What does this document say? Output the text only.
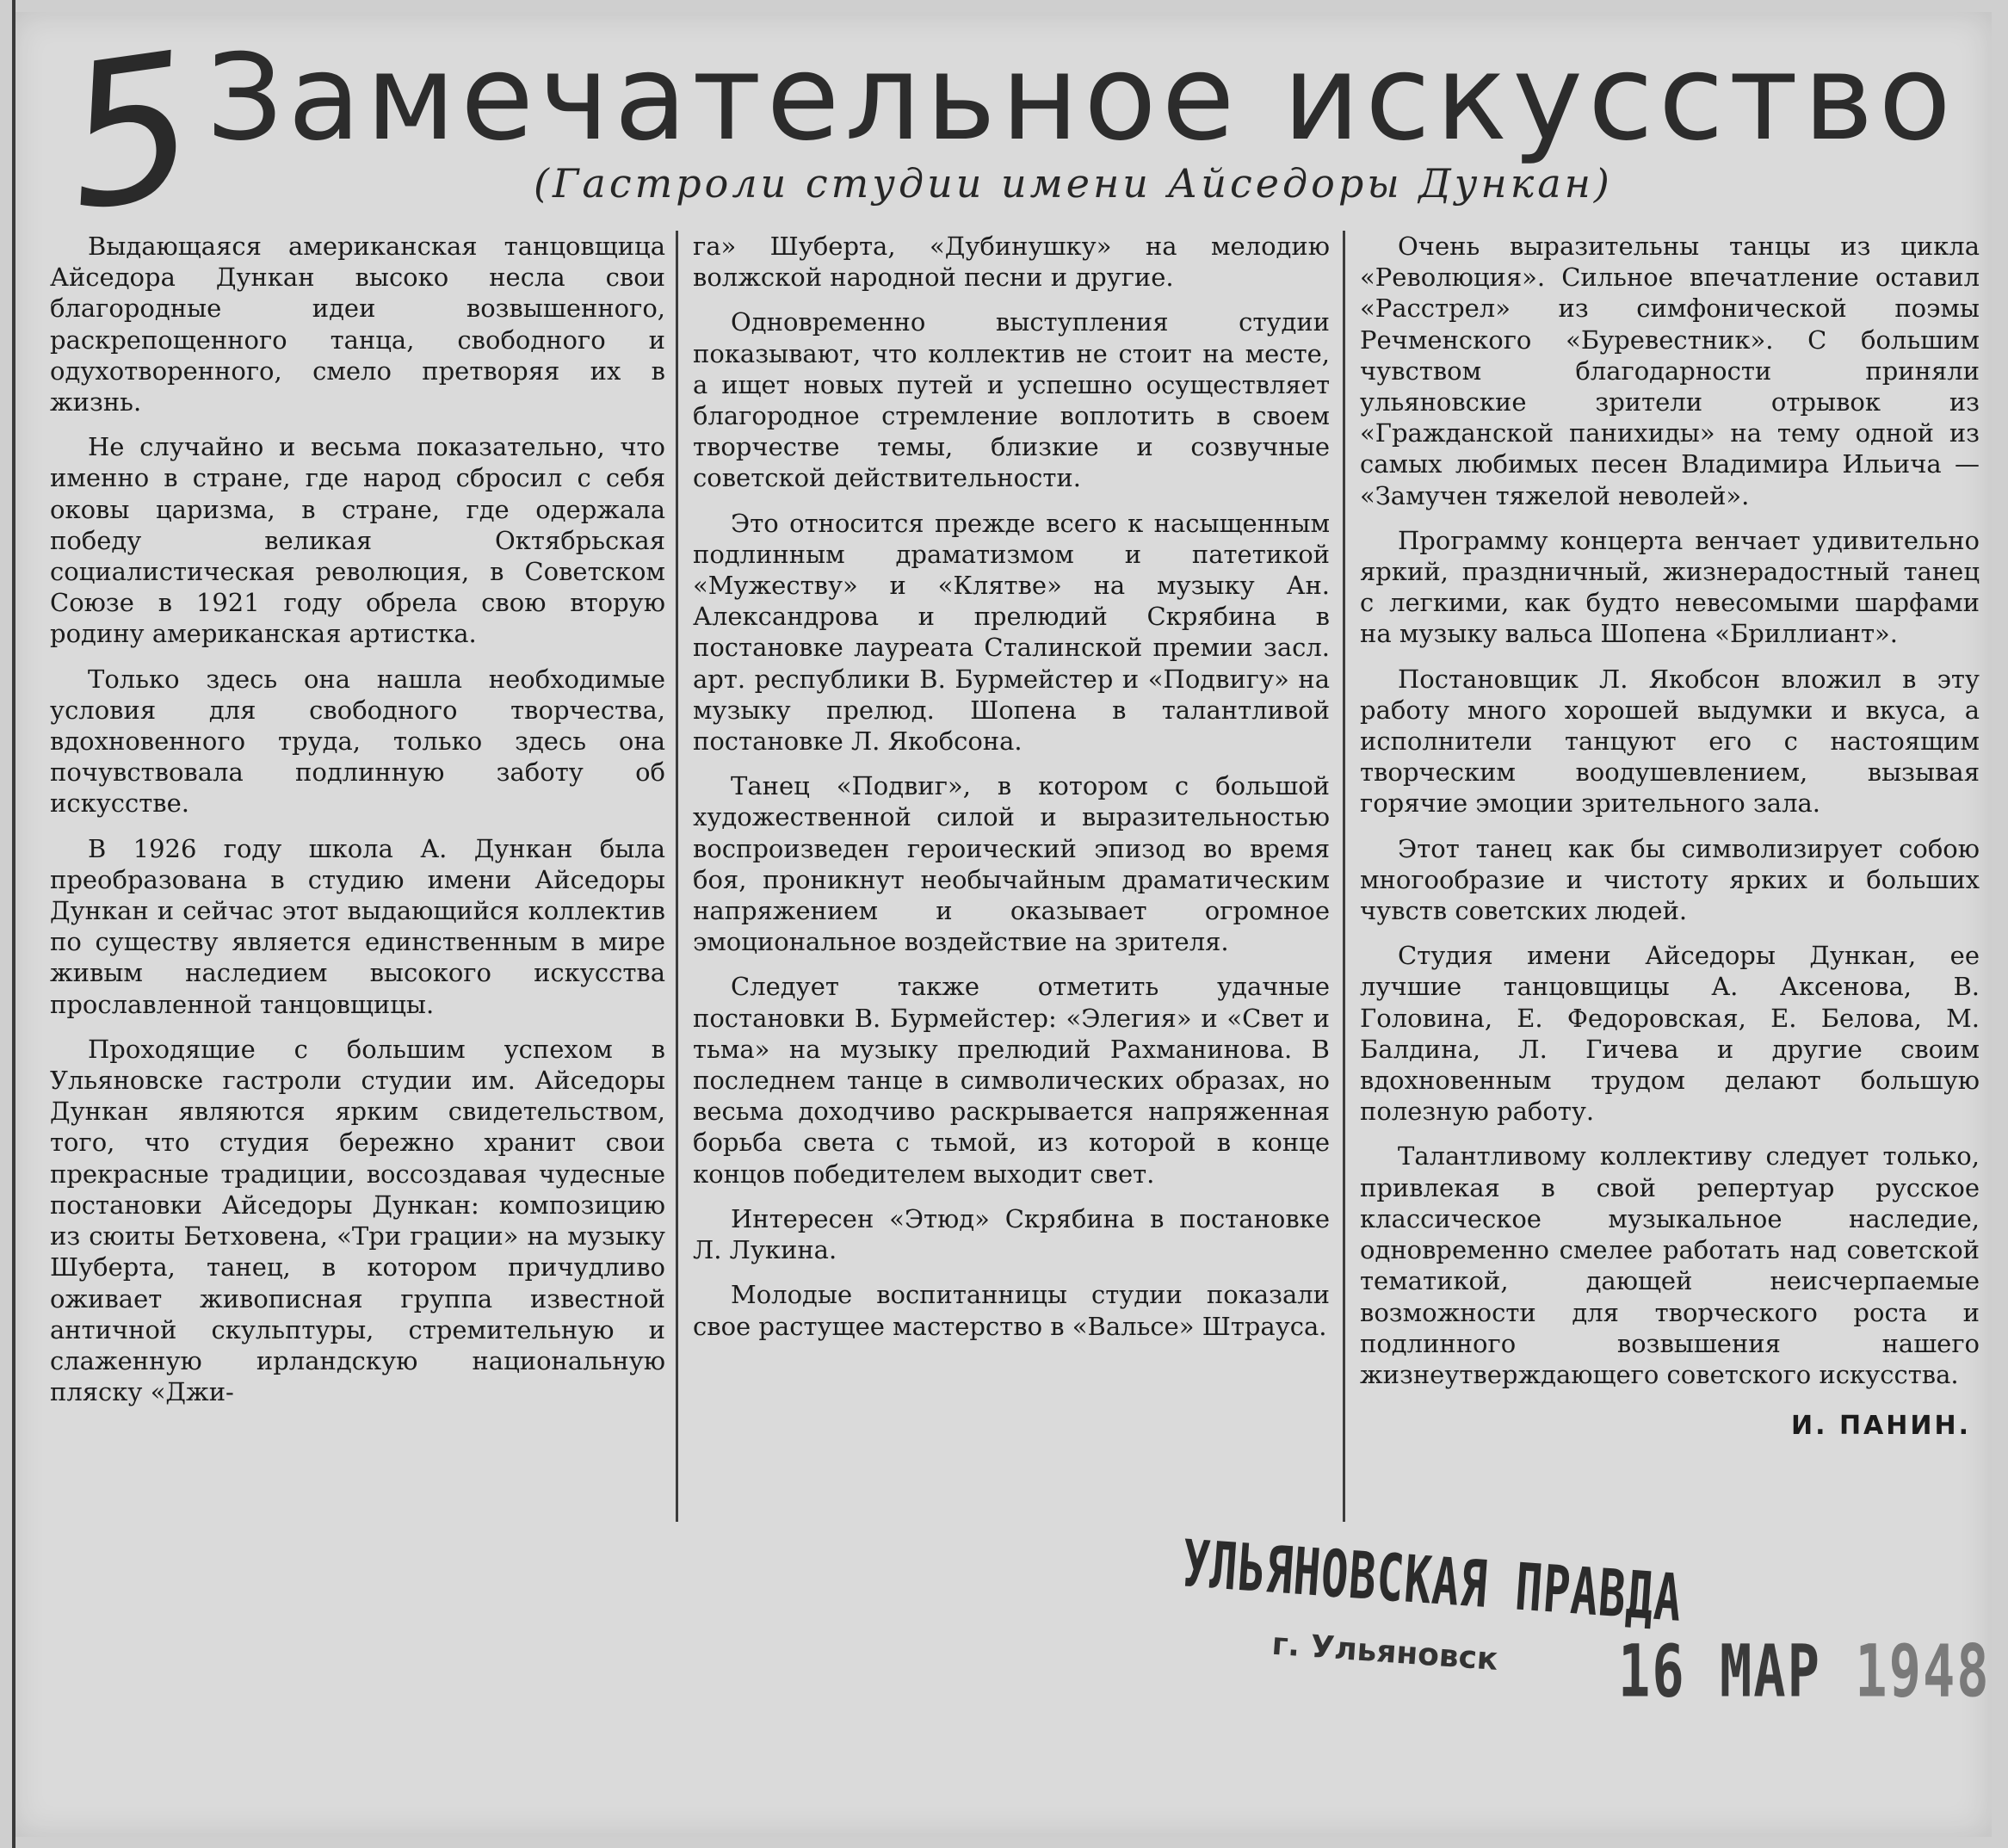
5
Замечательное искусство
(Гастроли студии имени Айседоры Дункан)

Выдающаяся американская танцовщица Айседора Дункан высоко несла свои благородные идеи возвышенного, раскрепощенного танца, свободного и одухотворенного, смело претворяя их в жизнь.

Не случайно и весьма показательно, что именно в стране, где народ сбросил с себя оковы царизма, в стране, где одержала победу великая Октябрьская социалистическая революция, в Советском Союзе в 1921 году обрела свою вторую родину американская артистка.

Только здесь она нашла необходимые условия для свободного творчества, вдохновенного труда, только здесь она почувствовала подлинную заботу об искусстве.

В 1926 году школа А. Дункан была преобразована в студию имени Айседоры Дункан и сейчас этот выдающийся коллектив по существу является единственным в мире живым наследием высокого искусства прославленной танцовщицы.

Проходящие с большим успехом в Ульяновске гастроли студии им. Айседоры Дункан являются ярким свидетельством, того, что студия бережно хранит свои прекрасные традиции, воссоздавая чудесные постановки Айседоры Дункан: композицию из сюиты Бетховена, «Три грации» на музыку Шуберта, танец, в котором причудливо оживает живописная группа известной античной скульптуры, стремительную и слаженную ирландскую национальную пляску «Джи-

га» Шуберта, «Дубинушку» на мелодию волжской народной песни и другие.

Одновременно выступления студии показывают, что коллектив не стоит на месте, а ищет новых путей и успешно осуществляет благородное стремление воплотить в своем творчестве темы, близкие и созвучные советской действительности.

Это относится прежде всего к насыщенным подлинным драматизмом и патетикой «Мужеству» и «Клятве» на музыку Ан. Александрова и прелюдий Скрябина в постановке лауреата Сталинской премии засл. арт. республики В. Бурмейстер и «Подвигу» на музыку прелюд. Шопена в талантливой постановке Л. Якобсона.

Танец «Подвиг», в котором с большой художественной силой и выразительностью воспроизведен героический эпизод во время боя, проникнут необычайным драматическим напряжением и оказывает огромное эмоциональное воздействие на зрителя.

Следует также отметить удачные постановки В. Бурмейстер: «Элегия» и «Свет и тьма» на музыку прелюдий Рахманинова. В последнем танце в символических образах, но весьма доходчиво раскрывается напряженная борьба света с тьмой, из которой в конце концов победителем выходит свет.

Интересен «Этюд» Скрябина в постановке Л. Лукина.

Молодые воспитанницы студии показали свое растущее мастерство в «Вальсе» Штрауса.

Очень выразительны танцы из цикла «Революция». Сильное впечатление оставил «Расстрел» из симфонической поэмы Речменского «Буревестник». С большим чувством благодарности приняли ульяновские зрители отрывок из «Гражданской панихиды» на тему одной из самых любимых песен Владимира Ильича — «Замучен тяжелой неволей».

Программу концерта венчает удивительно яркий, праздничный, жизнерадостный танец с легкими, как будто невесомыми шарфами на музыку вальса Шопена «Бриллиант».

Постановщик Л. Якобсон вложил в эту работу много хорошей выдумки и вкуса, а исполнители танцуют его с настоящим творческим воодушевлением, вызывая горячие эмоции зрительного зала.

Этот танец как бы символизирует собою многообразие и чистоту ярких и больших чувств советских людей.

Студия имени Айседоры Дункан, ее лучшие танцовщицы А. Аксенова, В. Головина, Е. Федоровская, Е. Белова, М. Балдина, Л. Гичева и другие своим вдохновенным трудом делают большую полезную работу.

Талантливому коллективу следует только, привлекая в свой репертуар русское классическое музыкальное наследие, одновременно смелее работать над советской тематикой, дающей неисчерпаемые возможности для творческого роста и подлинного возвышения нашего жизнеутверждающего советского искусства.

И. ПАНИН.

УЛЬЯНОВСКАЯ ПРАВДА
г. Ульяновск	16 МАР 1948
